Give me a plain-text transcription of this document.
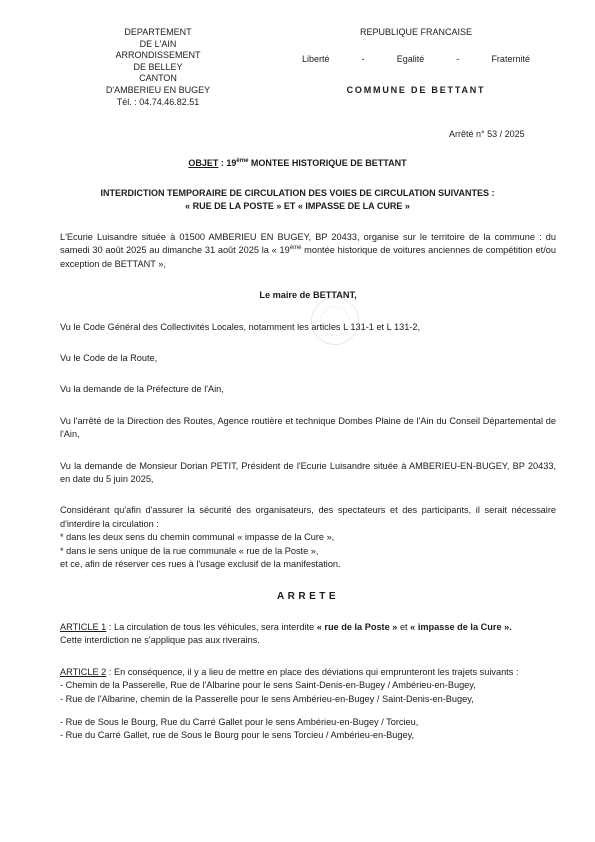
DEPARTEMENT
DE L'AIN
ARRONDISSEMENT
DE BELLEY
CANTON
D'AMBERIEU EN BUGEY
Tél. : 04.74.46.82.51
REPUBLIQUE FRANCAISE
Liberté	-	Egalité	-	Fraternité
COMMUNE DE BETTANT
Arrêté n° 53 / 2025
OBJET : 19ème MONTEE HISTORIQUE DE BETTANT
INTERDICTION TEMPORAIRE DE CIRCULATION DES VOIES DE CIRCULATION SUIVANTES :
« RUE DE LA POSTE » ET « IMPASSE DE LA CURE »

L'Ecurie Luisandre située à 01500 AMBERIEU EN BUGEY, BP 20433, organise sur le territoire de la commune : du samedi 30 août 2025 au dimanche 31 août 2025 la « 19ème montée historique de voitures anciennes de compétition et/ou exception de BETTANT »,

Le maire de BETTANT,

Vu le Code Général des Collectivités Locales, notamment les articles L 131-1 et L 131-2,

Vu le Code de la Route,

Vu la demande de la Préfecture de l'Ain,

Vu l'arrêté de la Direction des Routes, Agence routière et technique Dombes Plaine de l'Ain du Conseil Départemental de l'Ain,

Vu la demande de Monsieur Dorian PETIT, Président de l'Ecurie Luisandre située à AMBERIEU-EN-BUGEY, BP 20433, en date du 5 juin 2025,

Considérant qu'afin d'assurer la sécurité des organisateurs, des spectateurs et des participants, il serait nécessaire d'interdire la circulation :

* dans les deux sens du chemin communal « impasse de la Cure »,

* dans le sens unique de la rue communale « rue de la Poste »,

et ce, afin de réserver ces rues à l'usage exclusif de la manifestation.

ARRETE

ARTICLE 1 : La circulation de tous les véhicules, sera interdite « rue de la Poste » et « impasse de la Cure ».

Cette interdiction ne s'applique pas aux riverains.

ARTICLE 2 : En conséquence, il y a lieu de mettre en place des déviations qui emprunteront les trajets suivants :

- Chemin de la Passerelle, Rue de l'Albarine pour le sens Saint-Denis-en-Bugey / Ambérieu-en-Bugey,

- Rue de l'Albarine, chemin de la Passerelle pour le sens Ambérieu-en-Bugey / Saint-Denis-en-Bugey,

- Rue de Sous le Bourg, Rue du Carré Gallet pour le sens Ambérieu-en-Bugey / Torcieu,

- Rue du Carré Gallet, rue de Sous le Bourg pour le sens Torcieu / Ambérieu-en-Bugey,
